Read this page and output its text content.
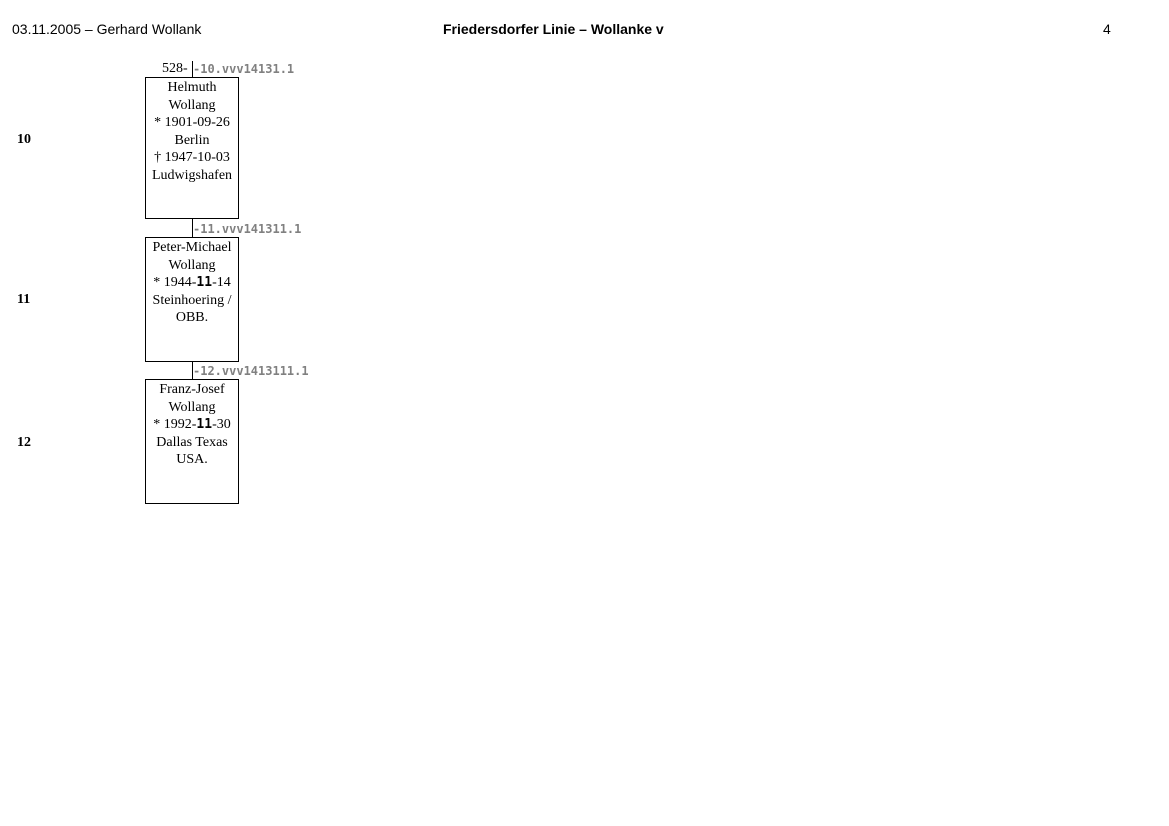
03.11.2005 – Gerhard Wollank	Friedersdorfer Linie – Wollanke v	4
528- -10.vvv14131.1
10
Helmuth
Wollang
* 1901-09-26
Berlin
† 1947-10-03
Ludwigshafen
-11.vvv141311.1
11
Peter-Michael
Wollang
* 1944-11-14
Steinhoering /
OBB.
-12.vvv1413111.1
12
Franz-Josef
Wollang
* 1992-11-30
Dallas Texas
USA.
